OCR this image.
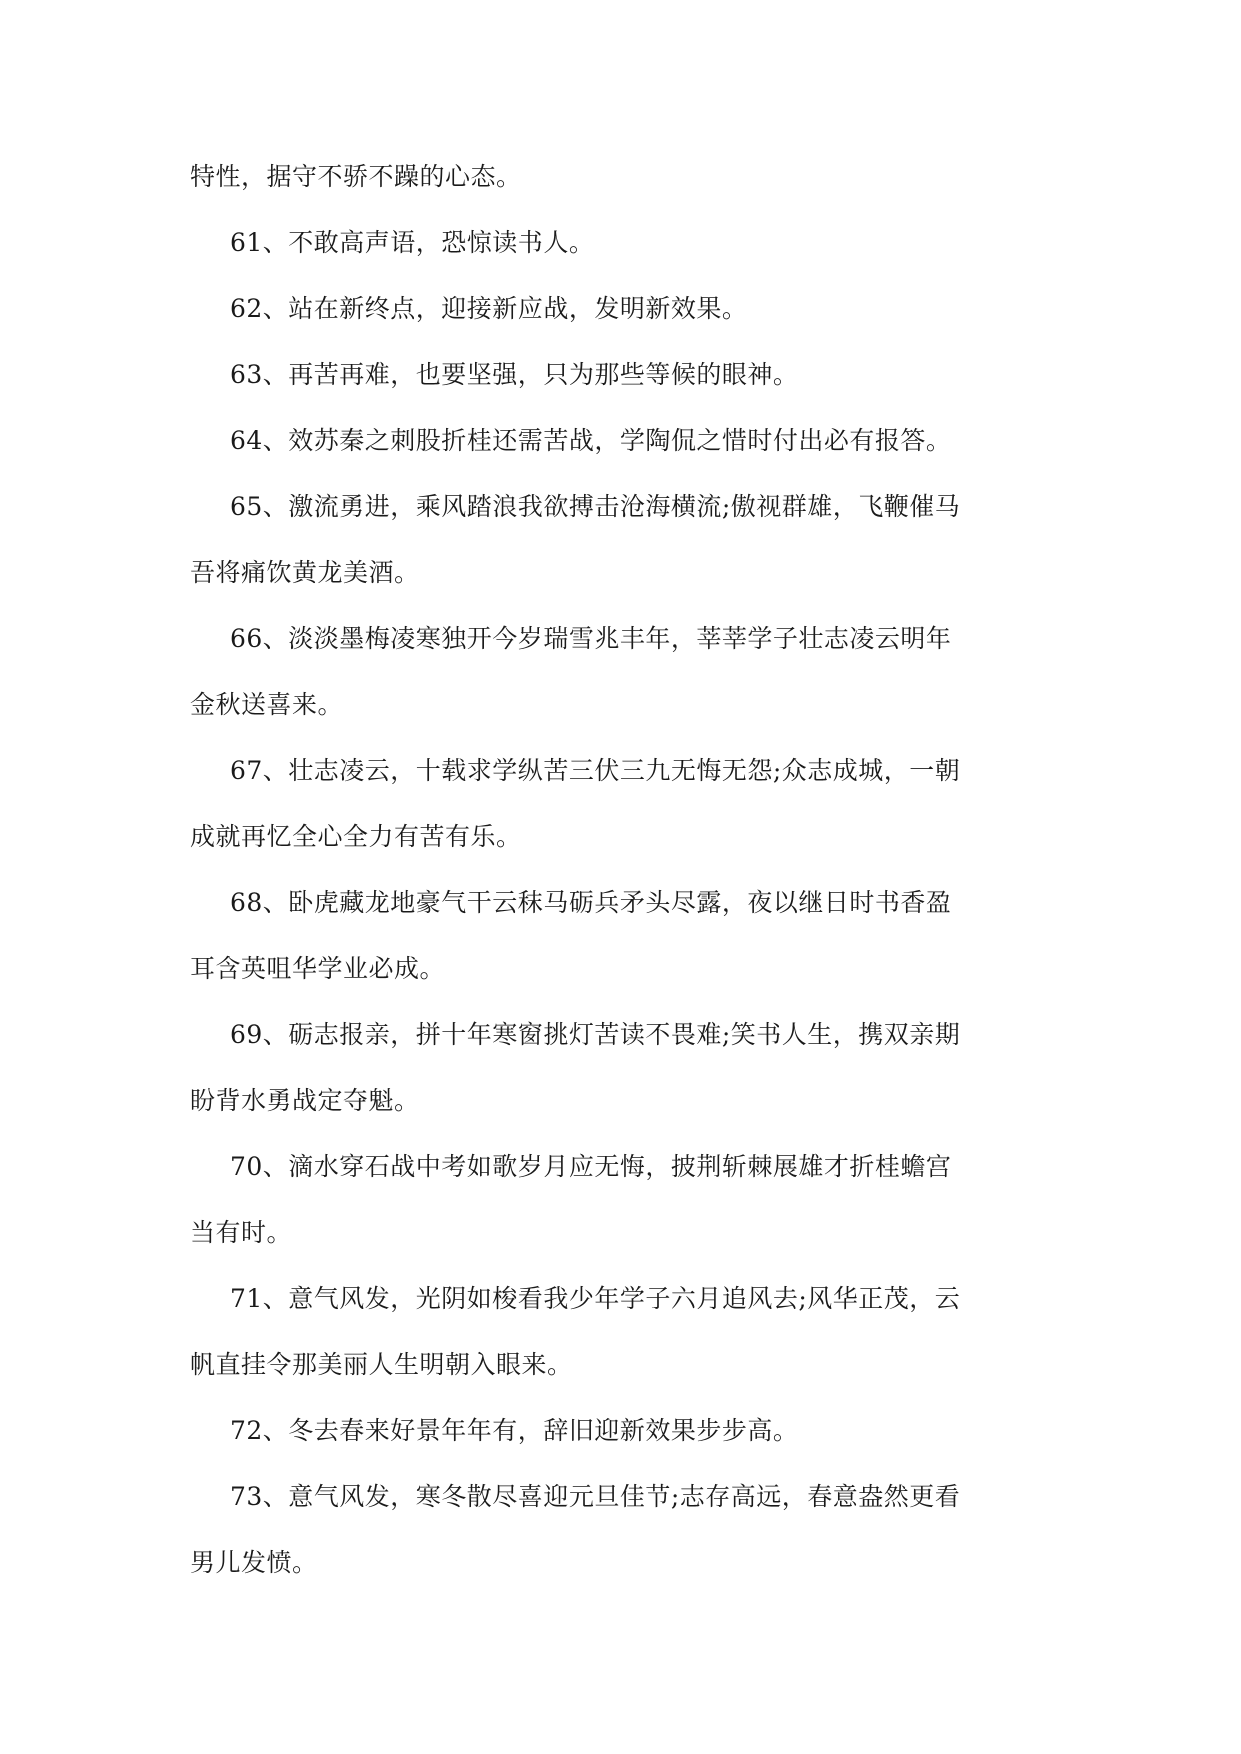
特性，据守不骄不躁的心态。

61、不敢高声语，恐惊读书人。

62、站在新终点，迎接新应战，发明新效果。

63、再苦再难，也要坚强，只为那些等候的眼神。

64、效苏秦之刺股折桂还需苦战，学陶侃之惜时付出必有报答。

65、激流勇进，乘风踏浪我欲搏击沧海横流;傲视群雄，飞鞭催马
吾将痛饮黄龙美酒。

66、淡淡墨梅凌寒独开今岁瑞雪兆丰年，莘莘学子壮志凌云明年
金秋送喜来。

67、壮志凌云，十载求学纵苦三伏三九无悔无怨;众志成城，一朝
成就再忆全心全力有苦有乐。

68、卧虎藏龙地豪气干云秣马砺兵矛头尽露，夜以继日时书香盈
耳含英咀华学业必成。

69、砺志报亲，拼十年寒窗挑灯苦读不畏难;笑书人生，携双亲期
盼背水勇战定夺魁。

70、滴水穿石战中考如歌岁月应无悔，披荆斩棘展雄才折桂蟾宫
当有时。

71、意气风发，光阴如梭看我少年学子六月追风去;风华正茂，云
帆直挂令那美丽人生明朝入眼来。

72、冬去春来好景年年有，辞旧迎新效果步步高。

73、意气风发，寒冬散尽喜迎元旦佳节;志存高远，春意盎然更看
男儿发愤。
